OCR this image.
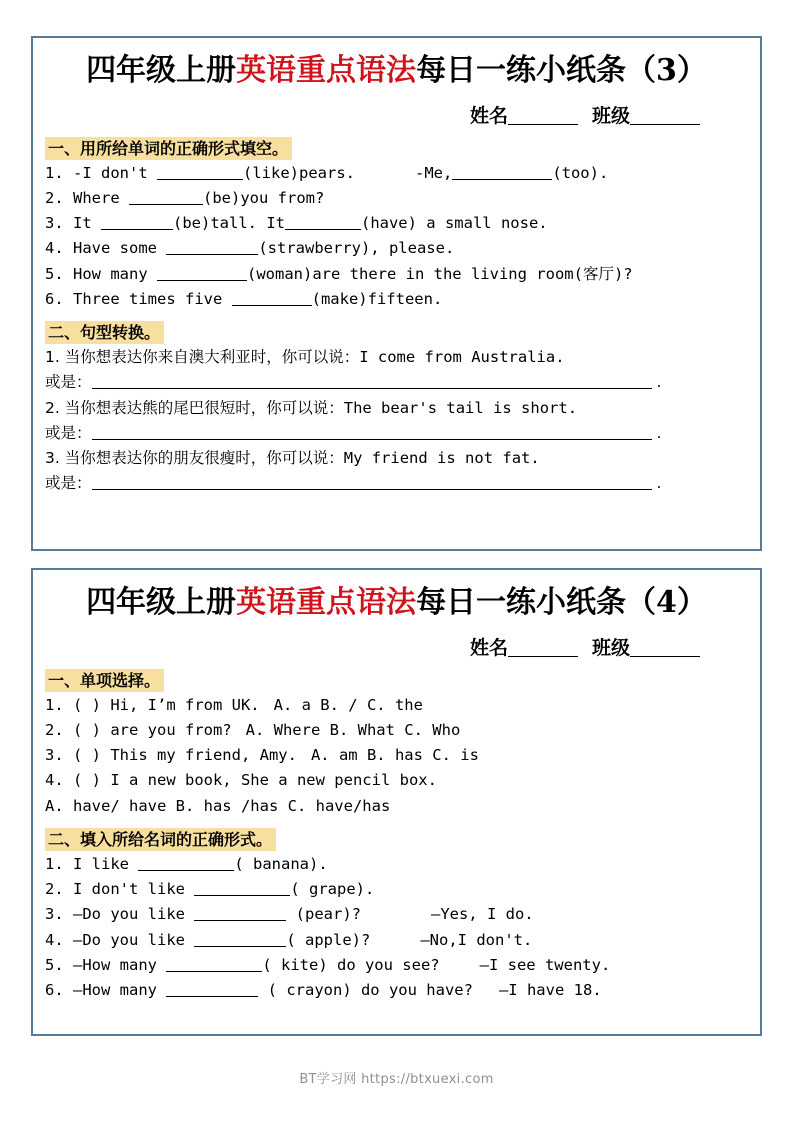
四年级上册英语重点语法每日一练小纸条（3）
姓名	班级
一、用所给单词的正确形式填空。
1. -I don't	(like)pears.	-Me,	(too).
2. Where	(be)you from?
3. It	(be)tall. It	(have) a small nose.
4. Have some	(strawberry), please.
5. How many	(woman)are there in the living room(客厅)?
6. Three times five	(make)fifteen.
二、句型转换。
1. 当你想表达你来自澳大利亚时，你可以说：I come from Australia.
或是：	.
2. 当你想表达熊的尾巴很短时，你可以说：The bear's tail is short.
或是：	.
3. 当你想表达你的朋友很瘦时，你可以说：My friend is not fat.
或是：	.
四年级上册英语重点语法每日一练小纸条（4）
姓名	班级
一、单项选择。
1. ( ) Hi, I’m from UK. A. a B. / C. the
2. ( ) are you from? A. Where B. What C. Who
3. ( ) This my friend, Amy. A. am B. has C. is
4. ( ) I a new book, She a new pencil box.
A. have/ have B. has /has C. have/has
二、填入所给名词的正确形式。
1. I like	( banana).
2. I don't like	( grape).
3. —Do you like	(pear)?	—Yes, I do.
4. —Do you like	( apple)?	—No,I don't.
5. —How many	( kite) do you see?	—I see twenty.
6. —How many	( crayon) do you have? —I have 18.
BT学习网 https://btxuexi.com
